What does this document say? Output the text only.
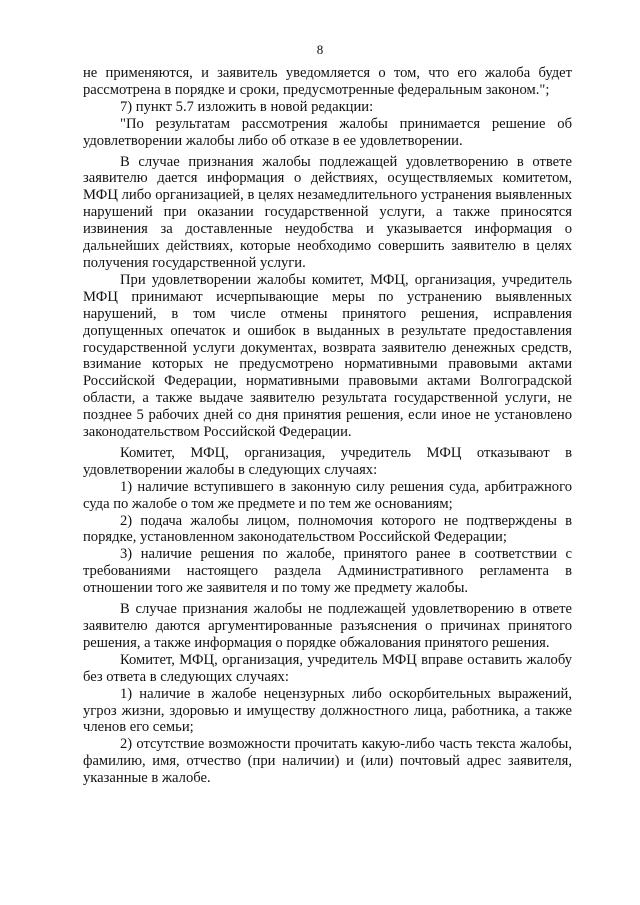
8

не применяются, и заявитель уведомляется о том, что его жалоба будет рассмотрена в порядке и сроки, предусмотренные федеральным законом.";

7) пункт 5.7 изложить в новой редакции:

"По результатам рассмотрения жалобы принимается решение об удовлетворении жалобы либо об отказе в ее удовлетворении.

В случае признания жалобы подлежащей удовлетворению в ответе заявителю дается информация о действиях, осуществляемых комитетом, МФЦ либо организацией, в целях незамедлительного устранения выявленных нарушений при оказании государственной услуги, а также приносятся извинения за доставленные неудобства и указывается информация о дальнейших действиях, которые необходимо совершить заявителю в целях получения государственной услуги.

При удовлетворении жалобы комитет, МФЦ, организация, учредитель МФЦ принимают исчерпывающие меры по устранению выявленных нарушений, в том числе отмены принятого решения, исправления допущенных опечаток и ошибок в выданных в результате предоставления государственной услуги документах, возврата заявителю денежных средств, взимание которых не предусмотрено нормативными правовыми актами Российской Федерации, нормативными правовыми актами Волгоградской области, а также выдаче заявителю результата государственной услуги, не позднее 5 рабочих дней со дня принятия решения, если иное не установлено законодательством Российской Федерации.

Комитет, МФЦ, организация, учредитель МФЦ отказывают в удовлетворении жалобы в следующих случаях:

1) наличие вступившего в законную силу решения суда, арбитражного суда по жалобе о том же предмете и по тем же основаниям;

2) подача жалобы лицом, полномочия которого не подтверждены в порядке, установленном законодательством Российской Федерации;

3) наличие решения по жалобе, принятого ранее в соответствии с требованиями настоящего раздела Административного регламента в отношении того же заявителя и по тому же предмету жалобы.

В случае признания жалобы не подлежащей удовлетворению в ответе заявителю даются аргументированные разъяснения о причинах принятого решения, а также информация о порядке обжалования принятого решения.

Комитет, МФЦ, организация, учредитель МФЦ вправе оставить жалобу без ответа в следующих случаях:

1) наличие в жалобе нецензурных либо оскорбительных выражений, угроз жизни, здоровью и имуществу должностного лица, работника, а также членов его семьи;

2) отсутствие возможности прочитать какую-либо часть текста жалобы, фамилию, имя, отчество (при наличии) и (или) почтовый адрес заявителя, указанные в жалобе.
